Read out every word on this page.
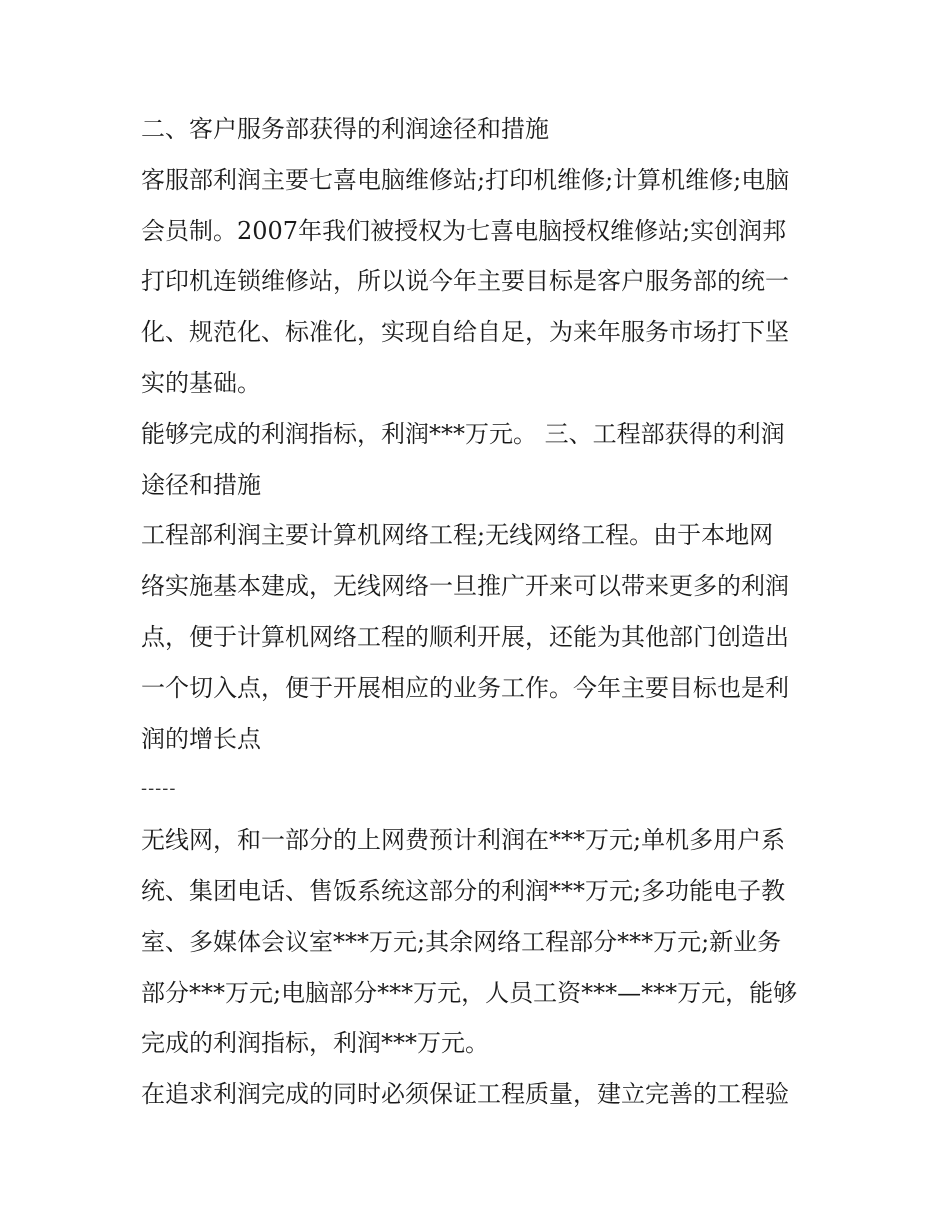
二、客户服务部获得的利润途径和措施
客服部利润主要七喜电脑维修站;打印机维修;计算机维修;电脑
会员制。2007年我们被授权为七喜电脑授权维修站;实创润邦
打印机连锁维修站，所以说今年主要目标是客户服务部的统一
化、规范化、标准化，实现自给自足，为来年服务市场打下坚
实的基础。
能够完成的利润指标，利润***万元。 三、工程部获得的利润
途径和措施
工程部利润主要计算机网络工程;无线网络工程。由于本地网
络实施基本建成，无线网络一旦推广开来可以带来更多的利润
点，便于计算机网络工程的顺利开展，还能为其他部门创造出
一个切入点，便于开展相应的业务工作。今年主要目标也是利
润的增长点
-----
无线网，和一部分的上网费预计利润在***万元;单机多用户系
统、集团电话、售饭系统这部分的利润***万元;多功能电子教
室、多媒体会议室***万元;其余网络工程部分***万元;新业务
部分***万元;电脑部分***万元，人员工资***—***万元，能够
完成的利润指标，利润***万元。
在追求利润完成的同时必须保证工程质量，建立完善的工程验
